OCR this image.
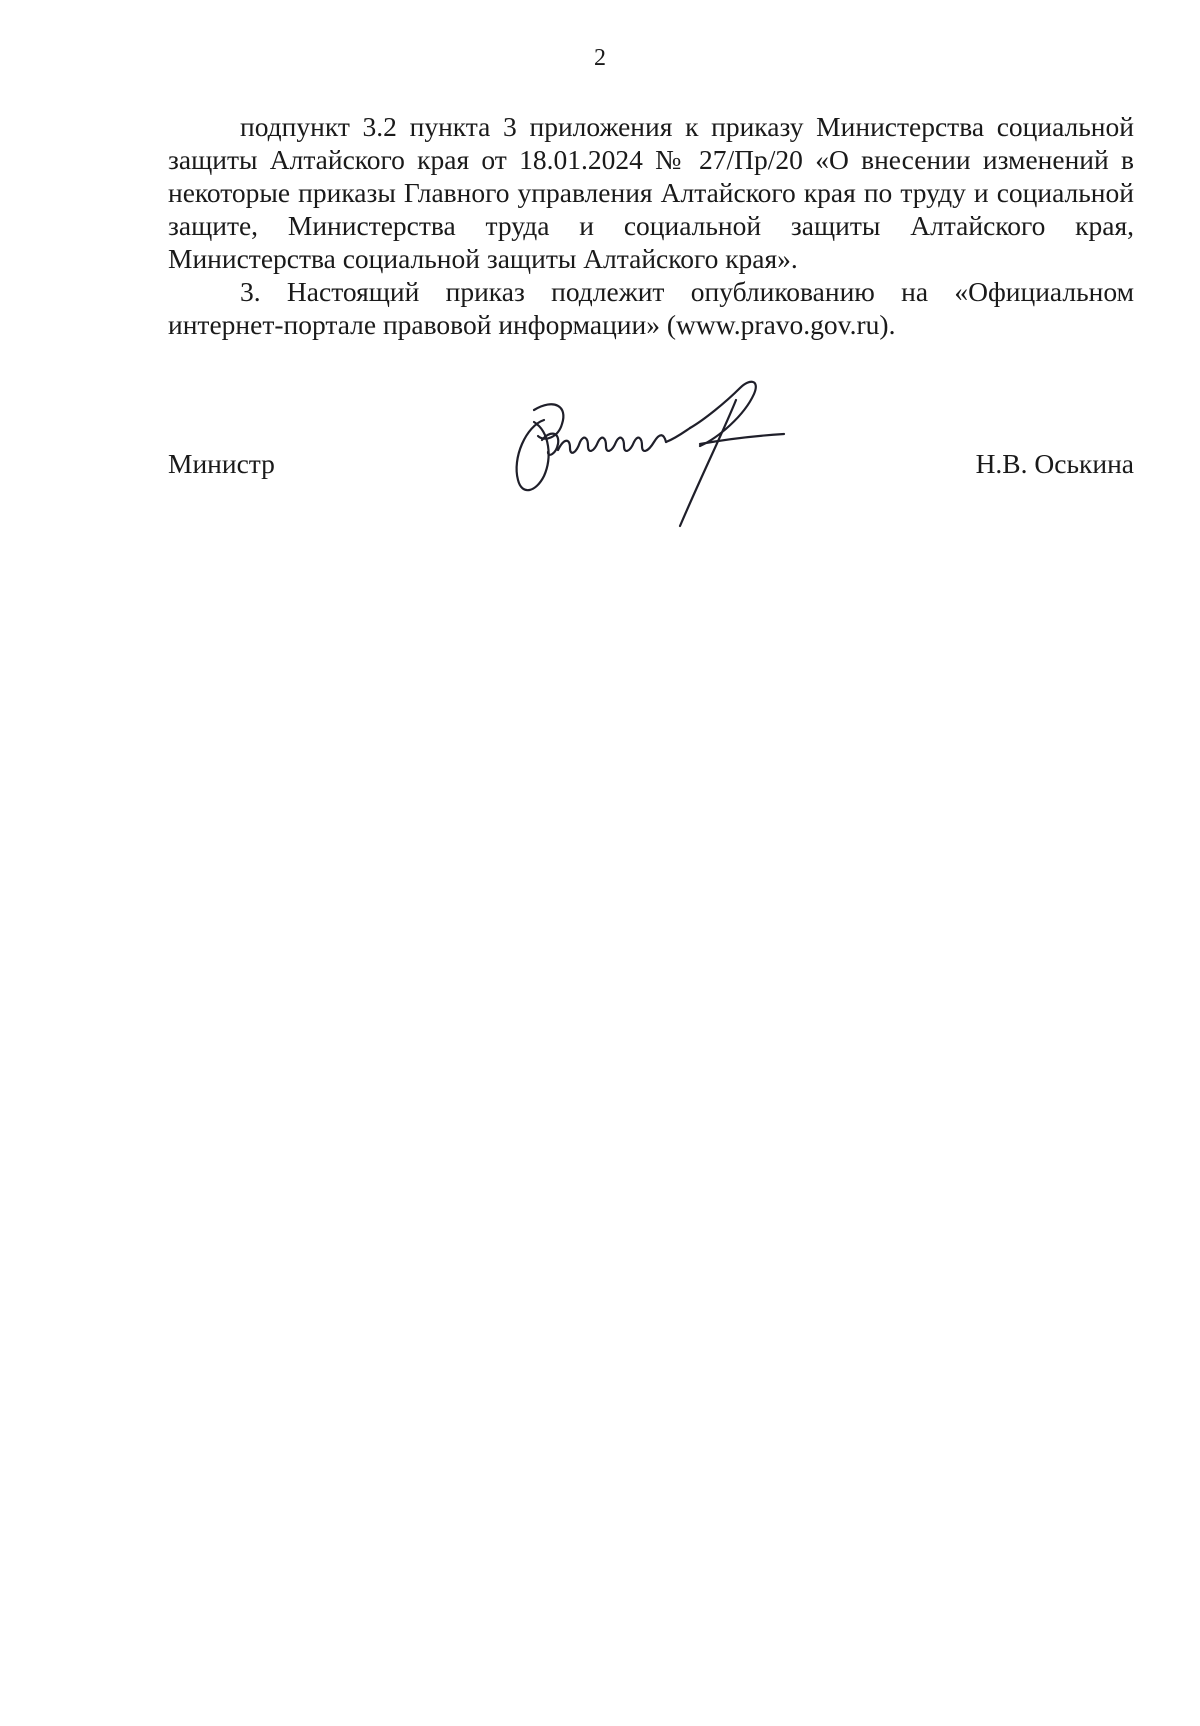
2

подпункт 3.2 пункта 3 приложения к приказу Министерства социальной защиты Алтайского края от 18.01.2024 № 27/Пр/20 «О внесении изменений в некоторые приказы Главного управления Алтайского края по труду и социальной защите, Министерства труда и социальной защиты Алтайского края, Министерства социальной защиты Алтайского края».

3. Настоящий приказ подлежит опубликованию на «Официальном интернет-портале правовой информации» (www.pravo.gov.ru).

Министр	Н.В. Оськина
